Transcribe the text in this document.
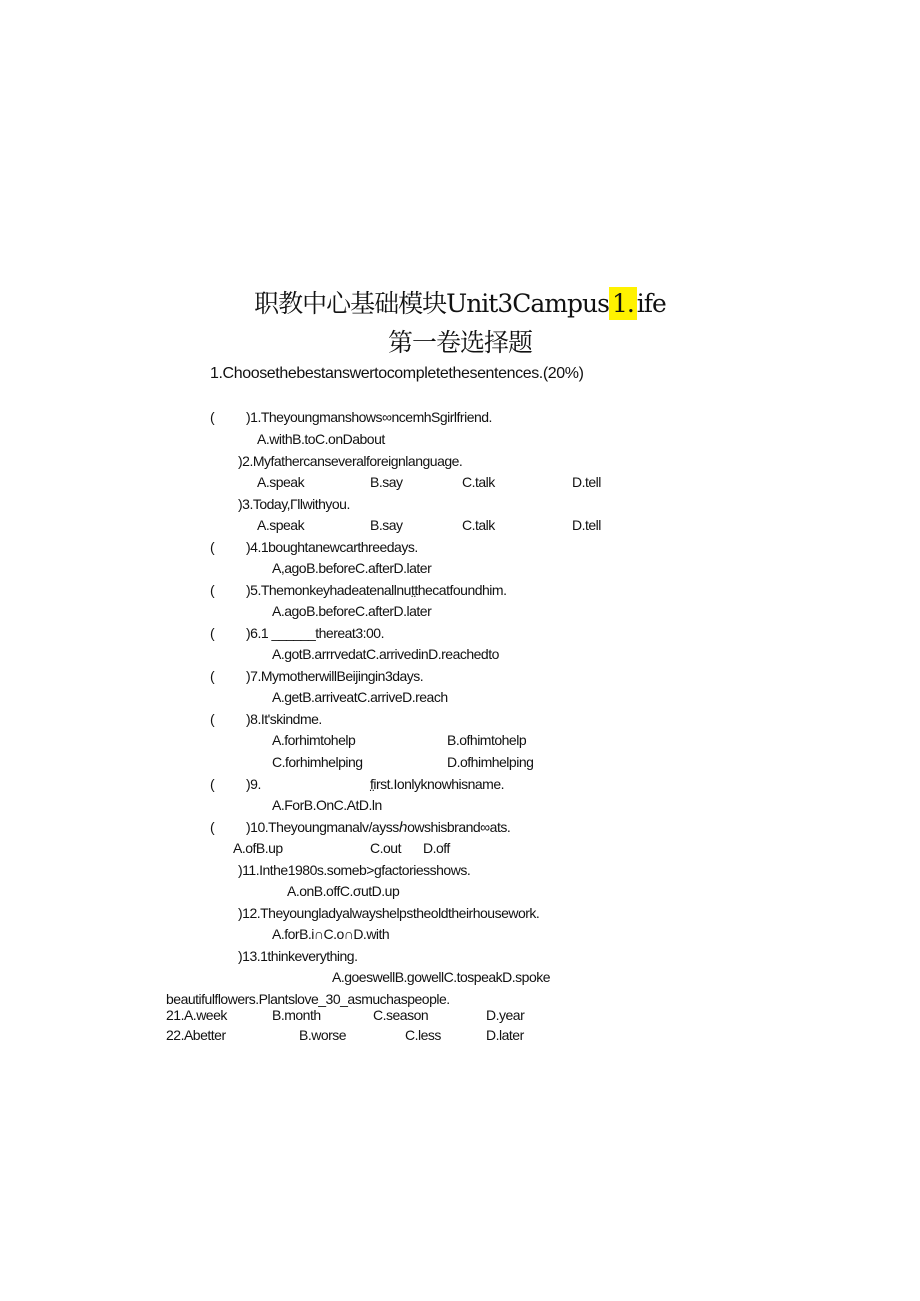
职教中心基础模块Unit3Campus 1. ife
第一卷选择题
1.Choosethebestanswertocompletethesentences.(20%)
( )1.Theyoungmanshows∞ncemhSgirlfriend.
A.withB.toC.onDabout
)2.Myfathercanseveralforeignlanguage.
A.speak	B.say	C.talk	D.tell
)3.Today,Γllwithyou.
A.speak	B.say	C.talk	D.tell
( )4.1boughtanewcarthreedays.
A,agoB.beforeC.afterD.later
( )5.Themonkeyhadeatenallnut̤thecatfoundhim.
A.agoB.beforeC.afterD.later
( )6.1 ______thereat3:00.
A.gotB.arrrvedatC.arrivedinD.reachedto
( )7.MymotherwillBeijingin3days.
A.getB.arriveatC.arriveD.reach
( )8.It'skindme.
A.forhimtohelp	B.ofhimtohelp
C.forhimhelping	D.ofhimhelping
( )9.	f̤irst.Ionlyknowhisname.
A.ForB.OnC.AtD.ln
( )10.Theyoungmanalv/ayssℎowshisbrand∞ats.
A.ofB.up	C.out D.off
)11.Inthe1980s.someb>gfactoriesshows.
A.onB.offC.σutD.up
)12.Theyoungladyalwayshelpstheoldtheirhousework.
A.forB.i∩C.o∩D.with
)13.1thinkeverything.
A.goeswellB.gowellC.tospeakD.spoke
beautifulflowers.Plantslove_30_asmuchaspeople.
21.A.week	B.month	C.season	D.year
22.Abetter	B.worse	C.less	D.later
